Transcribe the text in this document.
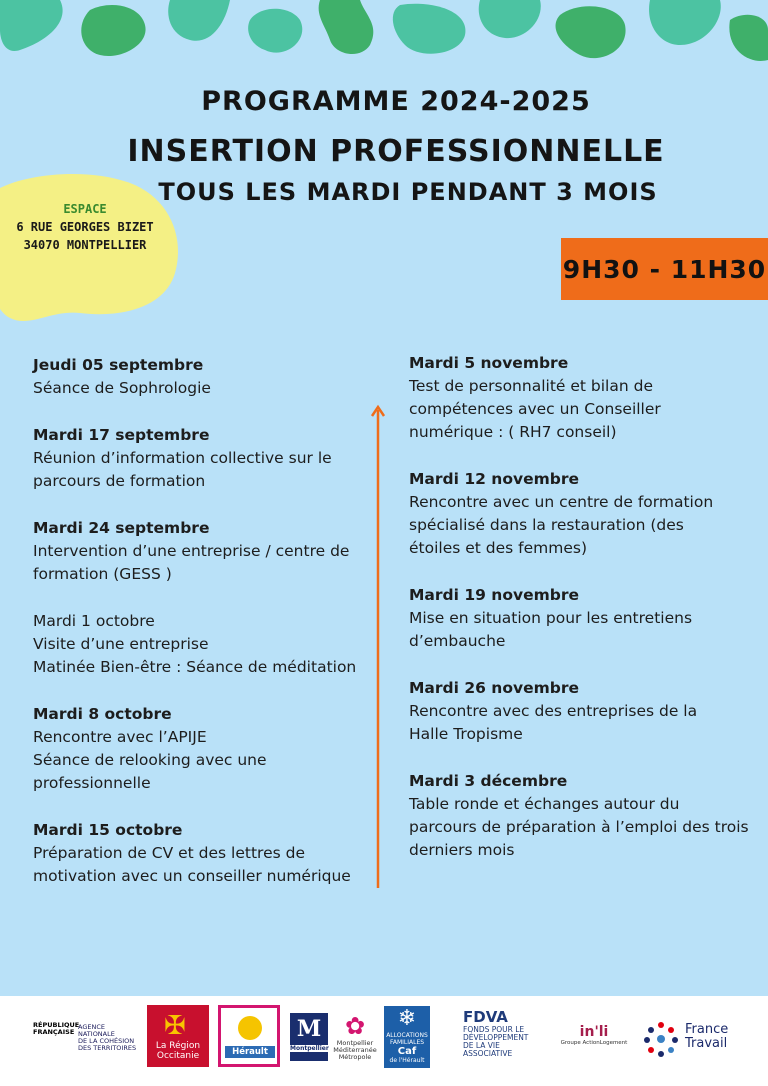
PROGRAMME 2024-2025
INSERTION PROFESSIONNELLE
TOUS LES MARDI PENDANT 3 MOIS
ESPACE
6 RUE GEORGES BIZET
34070 MONTPELLIER
9H30 - 11H30
Jeudi 05 septembre
Séance de Sophrologie
Mardi 17 septembre
Réunion d’information collective sur le
parcours de formation
Mardi 24 septembre
Intervention d’une entreprise / centre de
formation (GESS )
Mardi 1 octobre
Visite d’une entreprise
Matinée Bien-être : Séance de méditation
Mardi 8 octobre
Rencontre avec l’APIJE
Séance de relooking avec une
professionnelle
Mardi 15 octobre
Préparation de CV et des lettres de
motivation avec un conseiller numérique
Mardi 5 novembre
Test de personnalité et bilan de
compétences avec un Conseiller
numérique : ( RH7 conseil)
Mardi 12 novembre
Rencontre avec un centre de formation
spécialisé dans la restauration (des
étoiles et des femmes)
Mardi 19 novembre
Mise en situation pour les entretiens
d’embauche
Mardi 26 novembre
Rencontre avec des entreprises de la
Halle Tropisme
Mardi 3 décembre
Table ronde et échanges autour du
parcours de préparation à l’emploi des trois
derniers mois
RÉPUBLIQUE
FRANÇAISE
AGENCE
NATIONALE
DE LA COHÉSION
DES TERRITOIRES
✠
La Région
Occitanie	Hérault
M
Montpellier
✿
Montpellier
Méditerranée
Métropole
❄
ALLOCATIONS
FAMILIALES
Caf
de l'Hérault
FDVA
FONDS POUR LE
DÉVELOPPEMENT
DE LA VIE
ASSOCIATIVE
in'li
Groupe ActionLogement
France
Travail
